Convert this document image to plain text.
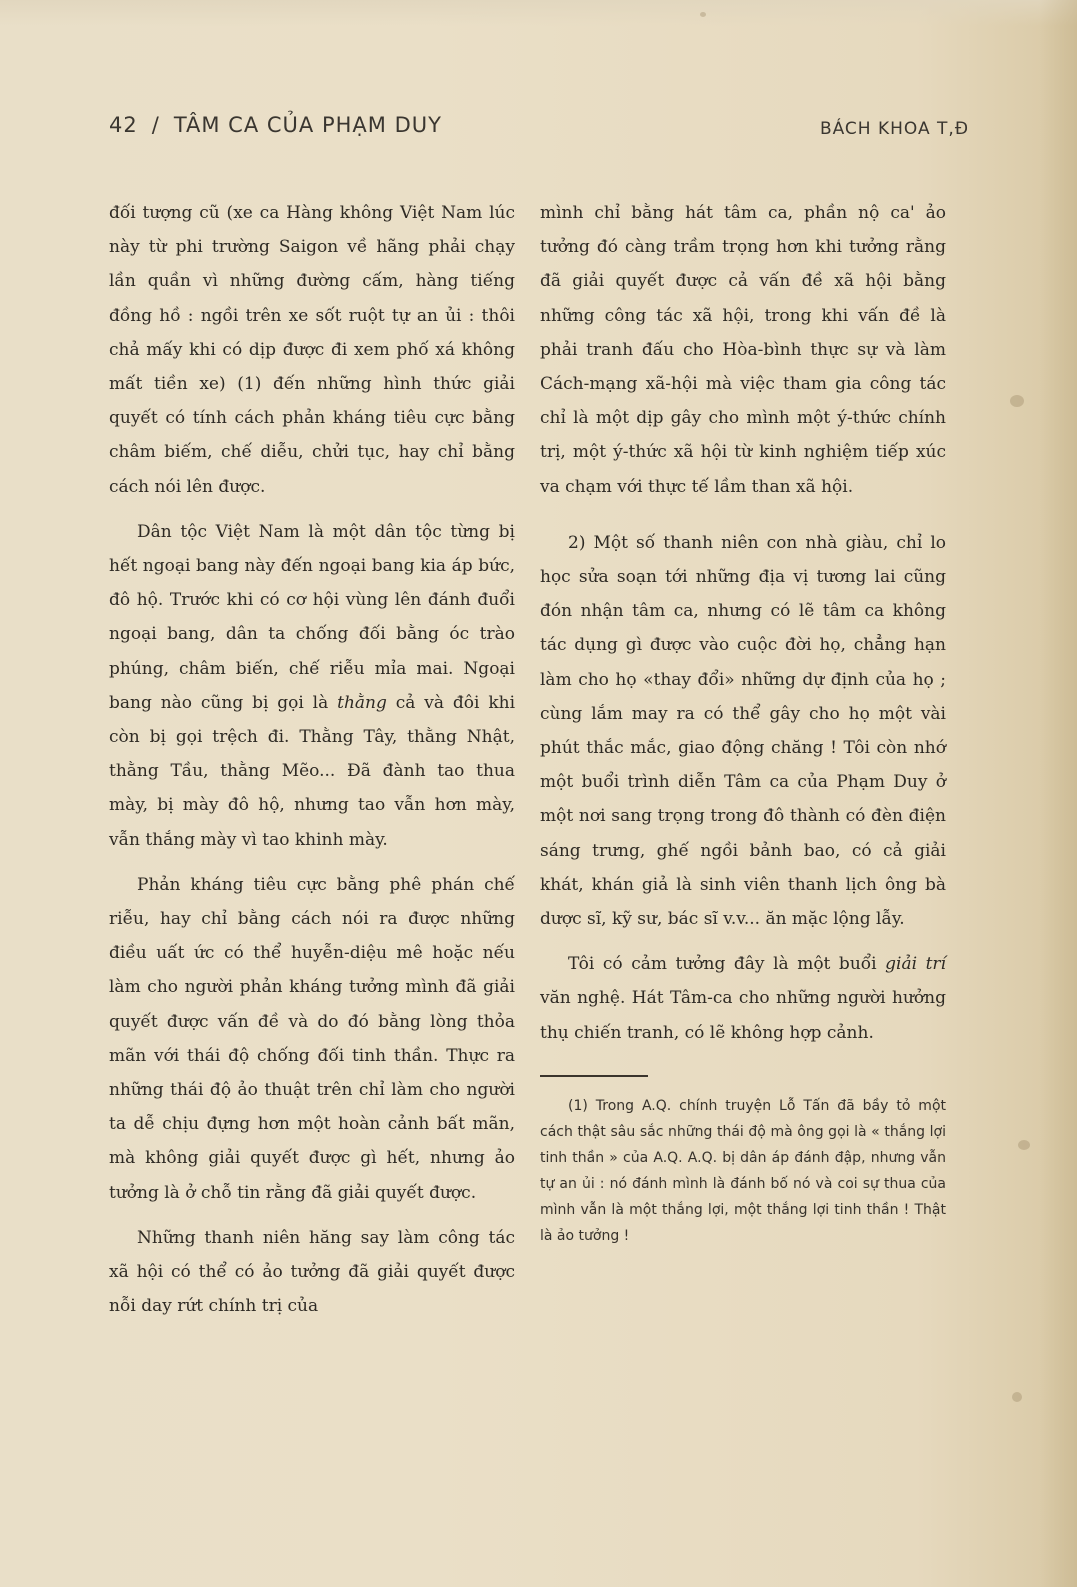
42 / TÂM CA CỦA PHẠM DUY	BÁCH KHOA T,Đ

đối tượng cũ (xe ca Hàng không Việt Nam lúc này từ phi trường Saigon về hãng phải chạy lần quần vì những đường cấm, hàng tiếng đồng hồ : ngồi trên xe sốt ruột tự an ủi : thôi chả mấy khi có dịp được đi xem phố xá không mất tiền xe) (1) đến những hình thức giải quyết có tính cách phản kháng tiêu cực bằng châm biếm, chế diễu, chửi tục, hay chỉ bằng cách nói lên được.

Dân tộc Việt Nam là một dân tộc từng bị hết ngoại bang này đến ngoại bang kia áp bức, đô hộ. Trước khi có cơ hội vùng lên đánh đuổi ngoại bang, dân ta chống đối bằng óc trào phúng, châm biến, chế riễu mỉa mai. Ngoại bang nào cũng bị gọi là thằng cả và đôi khi còn bị gọi trệch đi. Thằng Tây, thằng Nhật, thằng Tầu, thằng Mẽo... Đã đành tao thua mày, bị mày đô hộ, nhưng tao vẫn hơn mày, vẫn thắng mày vì tao khinh mày.

Phản kháng tiêu cực bằng phê phán chế riễu, hay chỉ bằng cách nói ra được những điều uất ức có thể huyễn-diệu mê hoặc nếu làm cho người phản kháng tưởng mình đã giải quyết được vấn đề và do đó bằng lòng thỏa mãn với thái độ chống đối tinh thần. Thực ra những thái độ ảo thuật trên chỉ làm cho người ta dễ chịu đựng hơn một hoàn cảnh bất mãn, mà không giải quyết được gì hết, nhưng ảo tưởng là ở chỗ tin rằng đã giải quyết được.

Những thanh niên hăng say làm công tác xã hội có thể có ảo tưởng đã giải quyết được nỗi day rứt chính trị của

mình chỉ bằng hát tâm ca, phần nộ ca' ảo tưởng đó càng trầm trọng hơn khi tưởng rằng đã giải quyết được cả vấn đề xã hội bằng những công tác xã hội, trong khi vấn đề là phải tranh đấu cho Hòa-bình thực sự và làm Cách-mạng xã-hội mà việc tham gia công tác chỉ là một dịp gây cho mình một ý-thức chính trị, một ý-thức xã hội từ kinh nghiệm tiếp xúc va chạm với thực tế lầm than xã hội.

2) Một số thanh niên con nhà giàu, chỉ lo học sửa soạn tới những địa vị tương lai cũng đón nhận tâm ca, nhưng có lẽ tâm ca không tác dụng gì được vào cuộc đời họ, chẳng hạn làm cho họ «thay đổi» những dự định của họ ; cùng lắm may ra có thể gây cho họ một vài phút thắc mắc, giao động chăng ! Tôi còn nhớ một buổi trình diễn Tâm ca của Phạm Duy ở một nơi sang trọng trong đô thành có đèn điện sáng trưng, ghế ngồi bảnh bao, có cả giải khát, khán giả là sinh viên thanh lịch ông bà dược sĩ, kỹ sư, bác sĩ v.v... ăn mặc lộng lẫy.

Tôi có cảm tưởng đây là một buổi giải trí văn nghệ. Hát Tâm-ca cho những người hưởng thụ chiến tranh, có lẽ không hợp cảnh.

(1) Trong A.Q. chính truyện Lỗ Tấn đã bầy tỏ một cách thật sâu sắc những thái độ mà ông gọi là « thắng lợi tinh thần » của A.Q. A.Q. bị dân áp đánh đập, nhưng vẫn tự an ủi : nó đánh mình là đánh bố nó và coi sự thua của mình vẫn là một thắng lợi, một thắng lợi tinh thần ! Thật là ảo tưởng !
